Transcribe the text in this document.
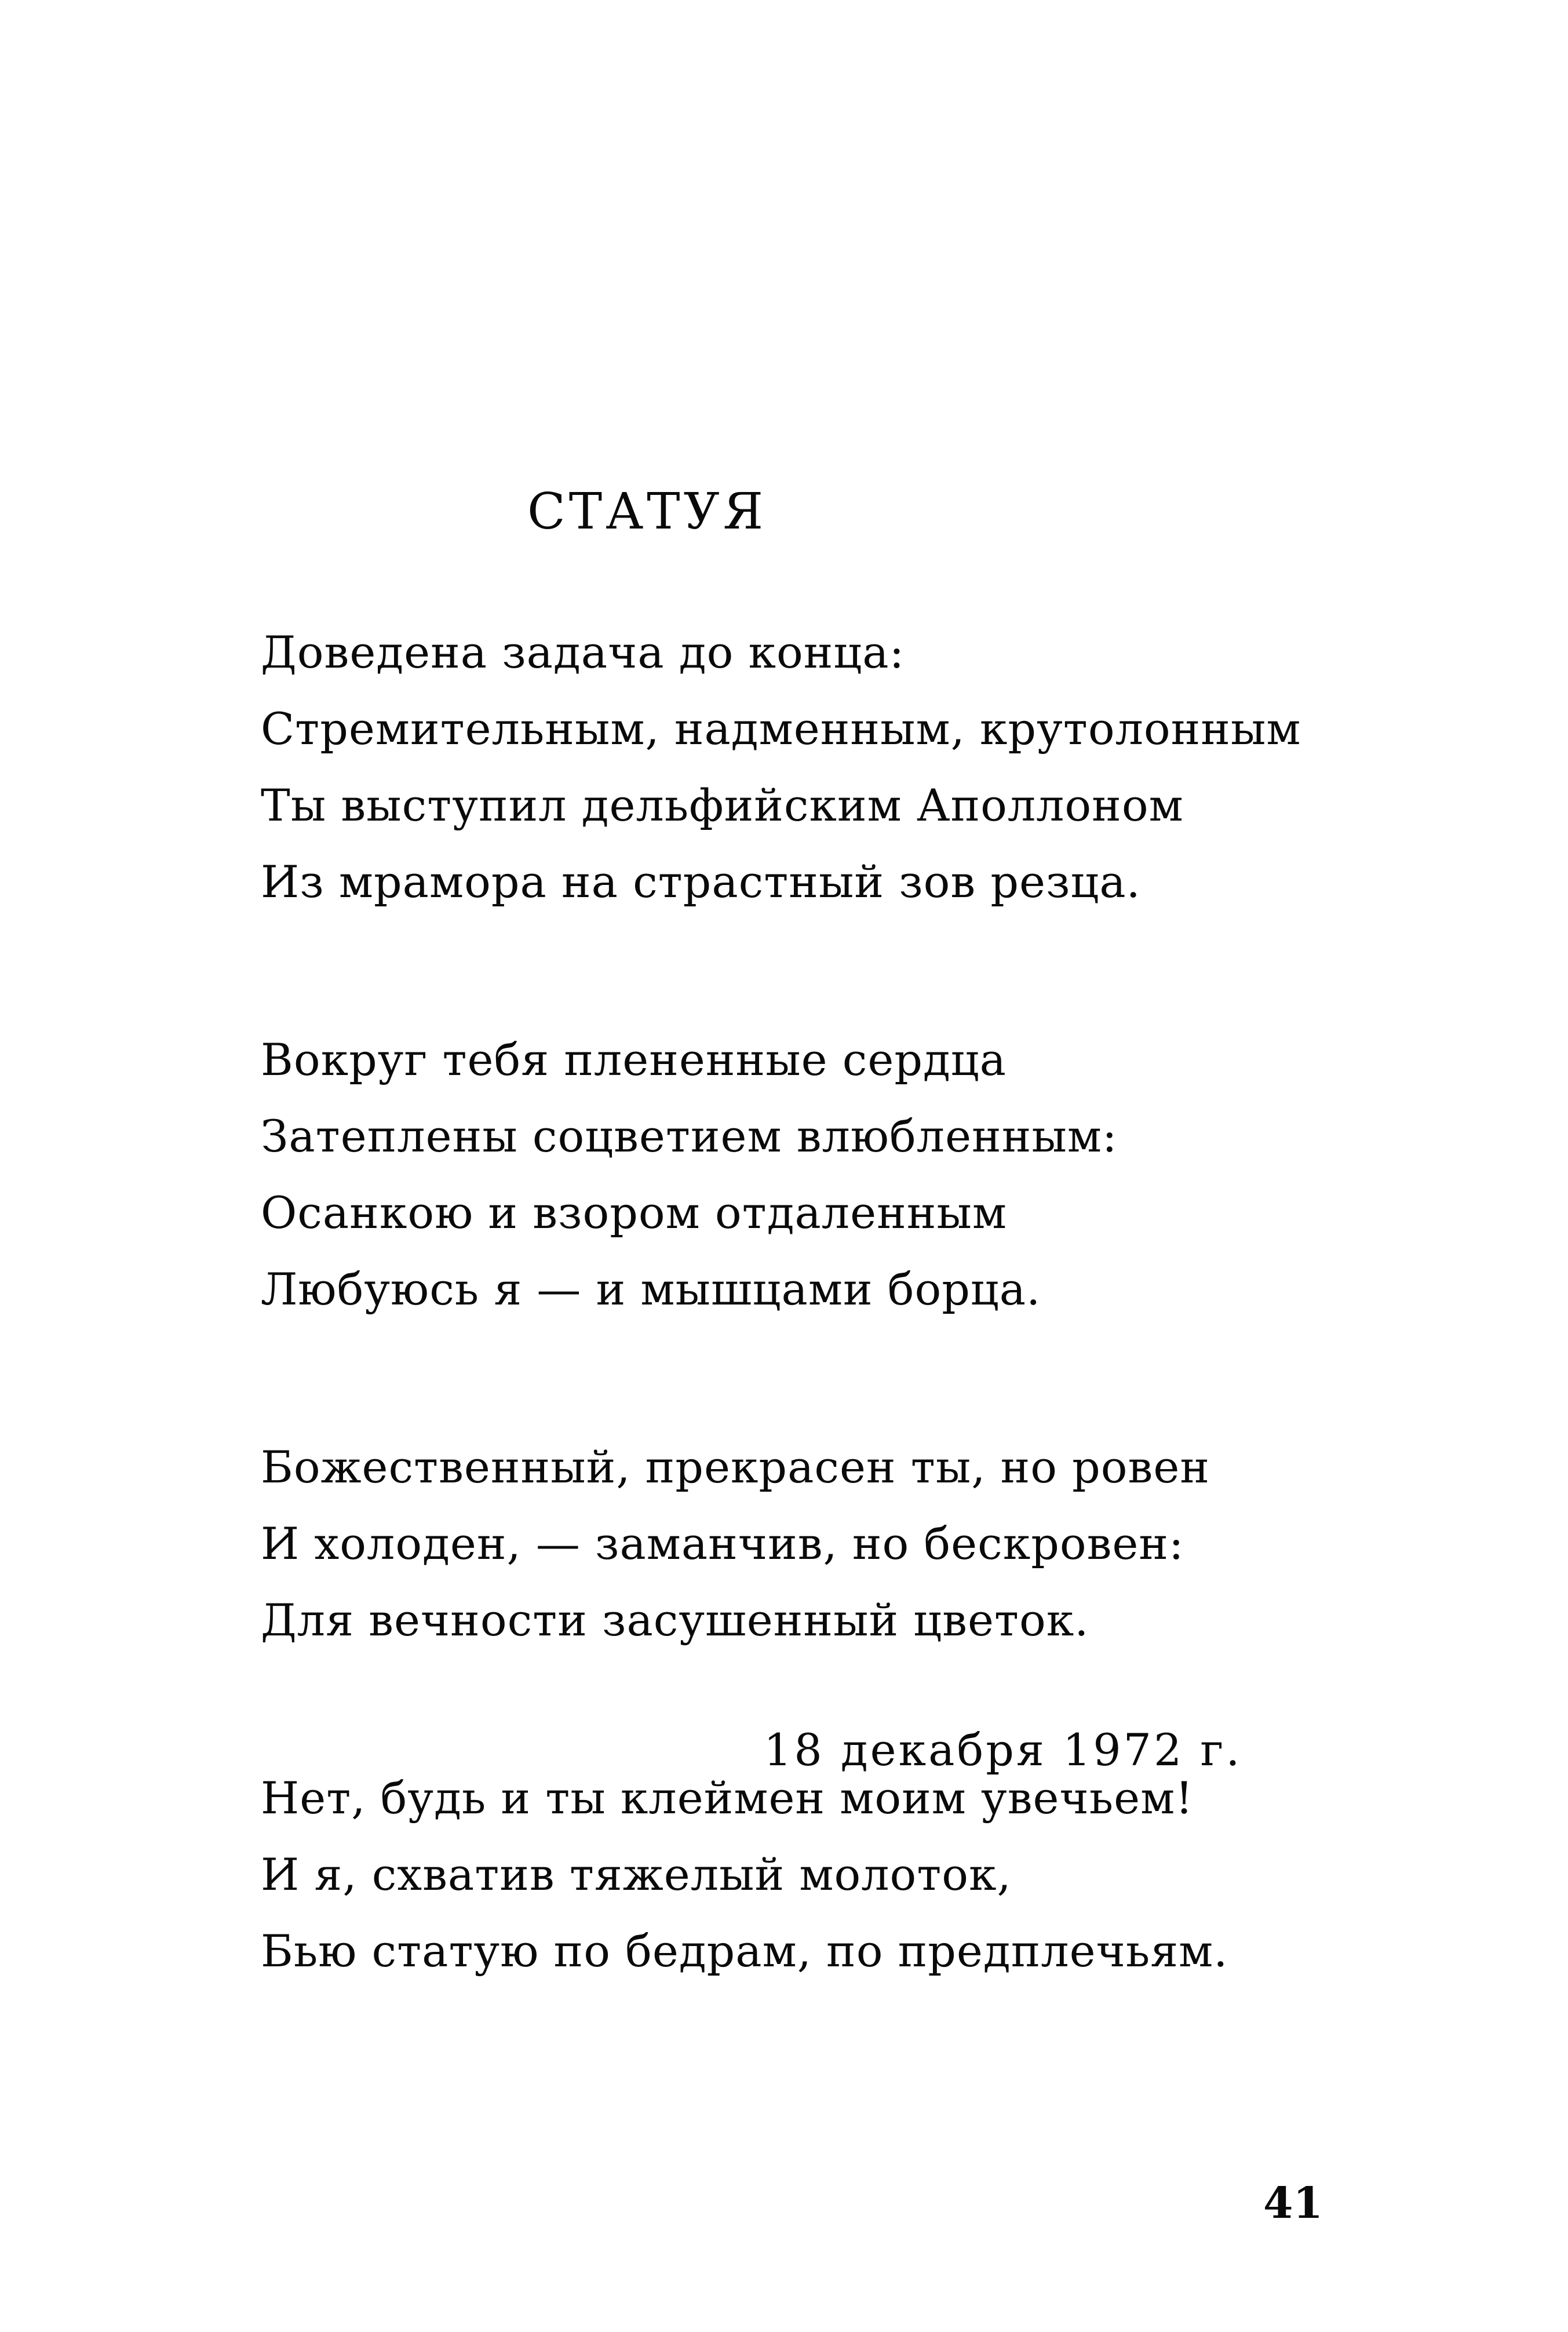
СТАТУЯ
Доведена задача до конца:
Стремительным, надменным, крутолонным
Ты выступил дельфийским Аполлоном
Из мрамора на страстный зов резца.
Вокруг тебя плененные сердца
Затеплены соцветием влюбленным:
Осанкою и взором отдаленным
Любуюсь я — и мышцами борца.
Божественный, прекрасен ты, но ровен
И холоден, — заманчив, но бескровен:
Для вечности засушенный цветок.
Нет, будь и ты клеймен моим увечьем!
И я, схватив тяжелый молоток,
Бью статую по бедрам, по предплечьям.
18 декабря 1972 г.
41
